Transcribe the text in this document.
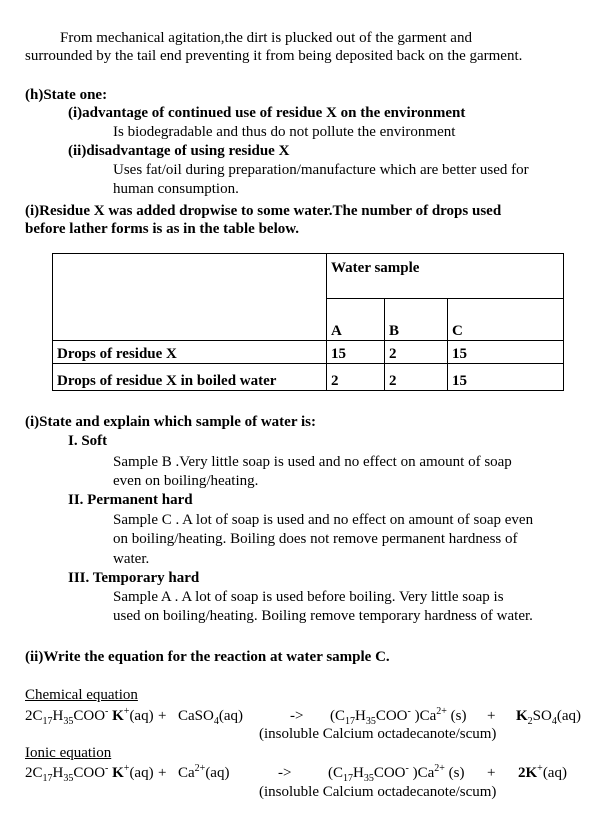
From mechanical agitation,the dirt is plucked out of the garment and
surrounded by the tail end preventing it from being deposited back on the garment.
(h)State one:
(i)advantage of continued use of residue X on the environment
Is biodegradable and thus do not pollute the environment
(ii)disadvantage of using residue X
Uses fat/oil during preparation/manufacture which are better used for
human consumption.
(i)Residue X was added dropwise to some water.The number of drops used
before lather forms is as in the table below.
	Water sample		
	A	B	C
Drops of residue X	15	2	15
Drops of residue X in boiled water	2	2	15
(i)State and explain which sample of water is:
I. Soft
Sample B .Very little soap is used and no effect on amount of soap
even on boiling/heating.
II. Permanent hard
Sample C . A lot of soap is used and no effect on amount of soap even
on boiling/heating. Boiling does not remove permanent hardness of
water.
III. Temporary hard
Sample A . A lot of soap is used before boiling. Very little soap is
used on boiling/heating. Boiling remove temporary hardness of water.
(ii)Write the equation for the reaction at water sample C.
Chemical equation
$2C_{17}H_{35}COO^-$ K+(aq) + CaSO$_4$(aq)	-> ($C_{17}H_{35}COO^-$ )$Ca^{2+}$ $(s) + K_2SO_4(aq)$
(insoluble Calcium octadecanote/scum)
Ionic equation
$2C_{17}H_{35}COO^-$ $K^+(aq) + Ca^{2+}(aq)$	-> ($C_{17}H_{35}COO^-$ )$Ca^{2+}$ (s) + 2K+(aq)
(insoluble Calcium octadecanote/scum)
